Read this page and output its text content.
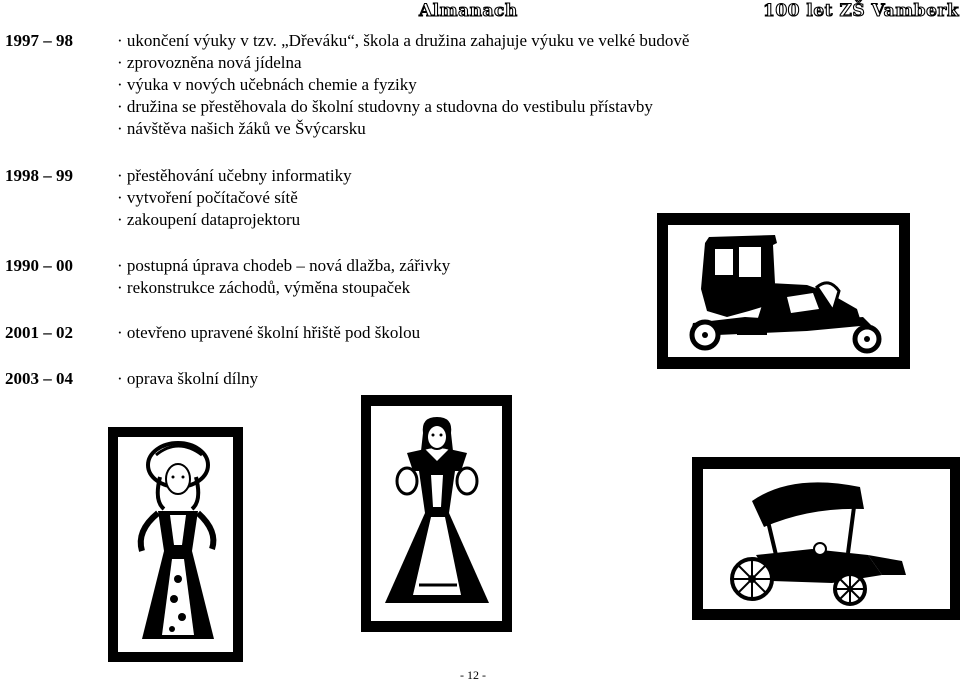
Almanach	100 let ZŠ Vamberk
1997 – 98	· ukončení výuky v tzv. „Dřeváku“, škola a družina zahajuje výuku ve velké budově
· zprovozněna nová jídelna
· výuka v nových učebnách chemie a fyziky
· družina se přestěhovala do školní studovny a studovna do vestibulu přístavby
· návštěva našich žáků ve Švýcarsku
1998 – 99	· přestěhování učebny informatiky
· vytvoření počítačové sítě
· zakoupení dataprojektoru
1990 – 00	· postupná úprava chodeb – nová dlažba, zářivky
· rekonstrukce záchodů, výměna stoupaček
2001 – 02	· otevřeno upravené školní hřiště pod školou
2003 – 04	· oprava školní dílny
- 12 -
